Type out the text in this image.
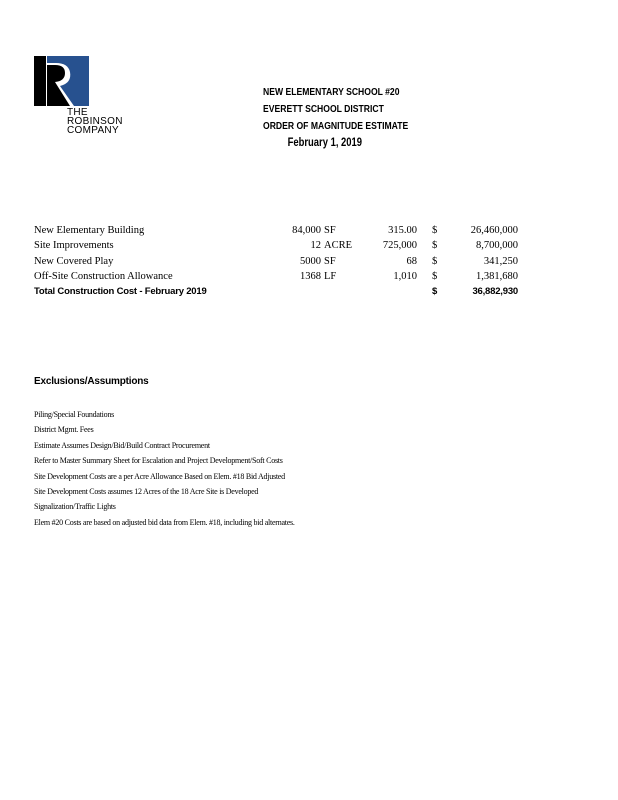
THE
ROBINSON
COMPANY
NEW ELEMENTARY SCHOOL #20
EVERETT SCHOOL DISTRICT
ORDER OF MAGNITUDE ESTIMATE
February 1, 2019
New Elementary Building	84,000 SF	315.00 $	26,460,000
Site Improvements	12 ACRE	725,000 $	8,700,000
New Covered Play	5000 SF	68 $	341,250
Off-Site Construction Allowance	1368 LF	1,010 $	1,381,680
Total Construction Cost - February 2019	$	36,882,930
Exclusions/Assumptions
Piling/Special Foundations
District Mgmt. Fees
Estimate Assumes Design/Bid/Build Contract Procurement
Refer to Master Summary Sheet for Escalation and Project Development/Soft Costs
Site Development Costs are a per Acre Allowance Based on Elem. #18 Bid Adjusted
Site Development Costs assumes 12 Acres of the 18 Acre Site is Developed
Signalization/Traffic Lights
Elem #20 Costs are based on adjusted bid data from Elem. #18, including bid alternates.
